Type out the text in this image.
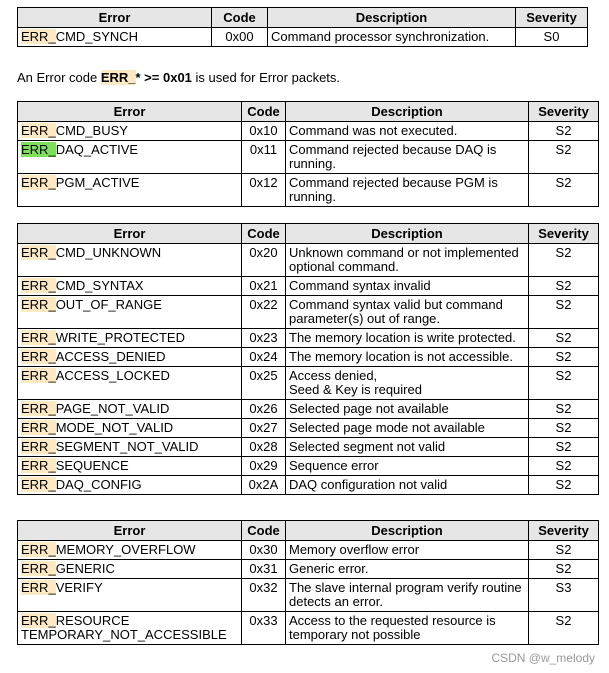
Error	Code	Description	Severity
ERR_CMD_SYNCH	0x00	Command processor synchronization.	S0
An Error code ERR_* >= 0x01 is used for Error packets.
Error	Code	Description	Severity
ERR_CMD_BUSY	0x10	Command was not executed.	S2
ERR_DAQ_ACTIVE	0x11	Command rejected because DAQ is running.	S2
ERR_PGM_ACTIVE	0x12	Command rejected because PGM is running.	S2
Error	Code	Description	Severity
ERR_CMD_UNKNOWN	0x20	Unknown command or not implemented optional command.	S2
ERR_CMD_SYNTAX	0x21	Command syntax invalid	S2
ERR_OUT_OF_RANGE	0x22	Command syntax valid but command parameter(s) out of range.	S2
ERR_WRITE_PROTECTED	0x23	The memory location is write protected.	S2
ERR_ACCESS_DENIED	0x24	The memory location is not accessible.	S2
ERR_ACCESS_LOCKED	0x25	Access denied,
Seed & Key is required	S2
ERR_PAGE_NOT_VALID	0x26	Selected page not available	S2
ERR_MODE_NOT_VALID	0x27	Selected page mode not available	S2
ERR_SEGMENT_NOT_VALID	0x28	Selected segment not valid	S2
ERR_SEQUENCE	0x29	Sequence error	S2
ERR_DAQ_CONFIG	0x2A	DAQ configuration not valid	S2
Error	Code	Description	Severity
ERR_MEMORY_OVERFLOW	0x30	Memory overflow error	S2
ERR_GENERIC	0x31	Generic error.	S2
ERR_VERIFY	0x32	The slave internal program verify routine detects an error.	S3

ERR_RESOURCE
TEMPORARY_NOT_ACCESSIBLE	0x33	Access to the requested resource is temporary not possible	S2
CSDN @w_melody
